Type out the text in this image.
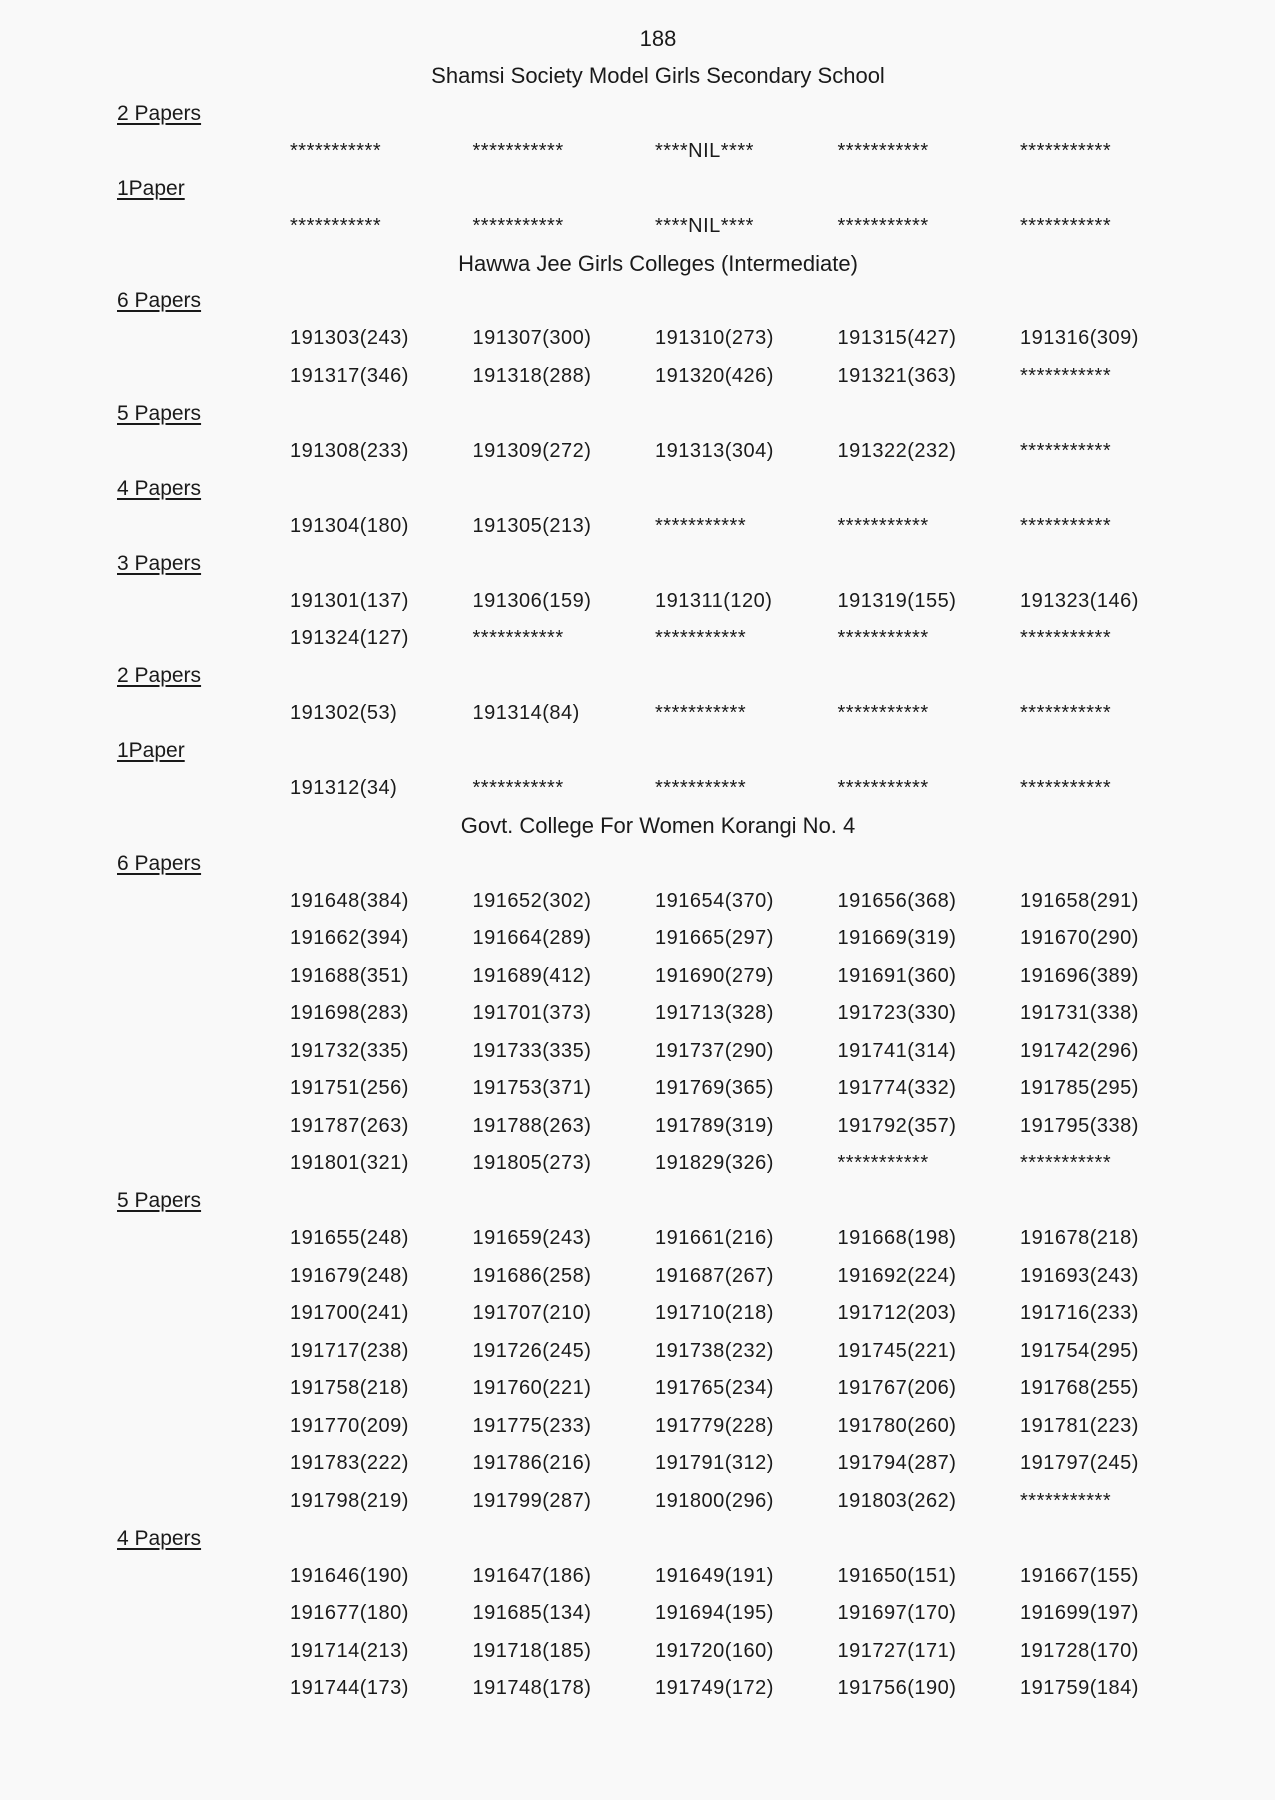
188
Shamsi Society Model Girls Secondary School
2 Papers
***********	***********	****NIL****	***********	***********
1Paper
***********	***********	****NIL****	***********	***********
Hawwa Jee Girls Colleges (Intermediate)
6 Papers
191303(243)	191307(300)	191310(273)	191315(427)	191316(309)
191317(346)	191318(288)	191320(426)	191321(363)	***********
5 Papers
191308(233)	191309(272)	191313(304)	191322(232)	***********
4 Papers
191304(180)	191305(213)	***********	***********	***********
3 Papers
191301(137)	191306(159)	191311(120)	191319(155)	191323(146)
191324(127)	***********	***********	***********	***********
2 Papers
191302(53)	191314(84)	***********	***********	***********
1Paper
191312(34)	***********	***********	***********	***********
Govt. College For Women Korangi No. 4
6 Papers
191648(384)	191652(302)	191654(370)	191656(368)	191658(291)
191662(394)	191664(289)	191665(297)	191669(319)	191670(290)
191688(351)	191689(412)	191690(279)	191691(360)	191696(389)
191698(283)	191701(373)	191713(328)	191723(330)	191731(338)
191732(335)	191733(335)	191737(290)	191741(314)	191742(296)
191751(256)	191753(371)	191769(365)	191774(332)	191785(295)
191787(263)	191788(263)	191789(319)	191792(357)	191795(338)
191801(321)	191805(273)	191829(326)	***********	***********
5 Papers
191655(248)	191659(243)	191661(216)	191668(198)	191678(218)
191679(248)	191686(258)	191687(267)	191692(224)	191693(243)
191700(241)	191707(210)	191710(218)	191712(203)	191716(233)
191717(238)	191726(245)	191738(232)	191745(221)	191754(295)
191758(218)	191760(221)	191765(234)	191767(206)	191768(255)
191770(209)	191775(233)	191779(228)	191780(260)	191781(223)
191783(222)	191786(216)	191791(312)	191794(287)	191797(245)
191798(219)	191799(287)	191800(296)	191803(262)	***********
4 Papers
191646(190)	191647(186)	191649(191)	191650(151)	191667(155)
191677(180)	191685(134)	191694(195)	191697(170)	191699(197)
191714(213)	191718(185)	191720(160)	191727(171)	191728(170)
191744(173)	191748(178)	191749(172)	191756(190)	191759(184)
